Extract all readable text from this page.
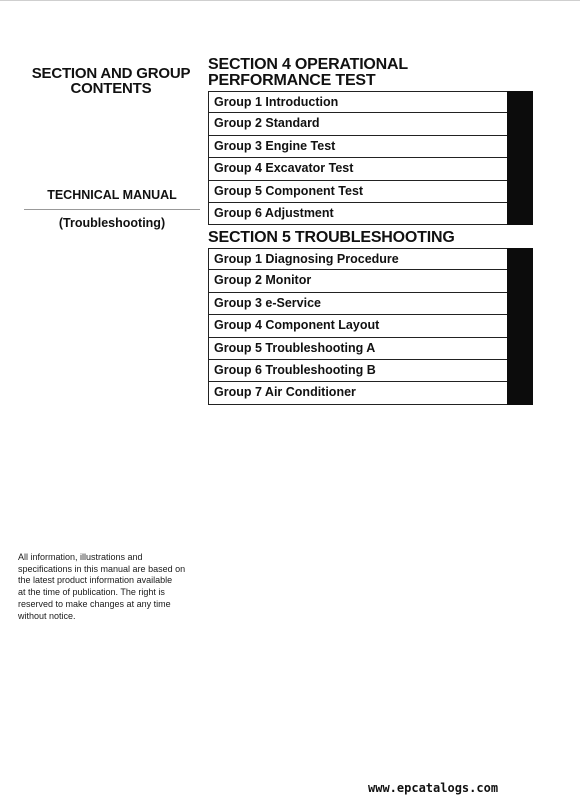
SECTION AND GROUP
CONTENTS
TECHNICAL MANUAL
(Troubleshooting)
SECTION 4 OPERATIONAL
PERFORMANCE TEST
Group 1 Introduction
Group 2 Standard
Group 3 Engine Test
Group 4 Excavator Test
Group 5 Component Test
Group 6 Adjustment
SECTION 5 TROUBLESHOOTING
Group 1 Diagnosing Procedure
Group 2 Monitor
Group 3 e-Service
Group 4 Component Layout
Group 5 Troubleshooting A
Group 6 Troubleshooting B
Group 7 Air Conditioner
All information, illustrations and
specifications in this manual are based on
the latest product information available
at the time of publication. The right is
reserved to make changes at any time
without notice.
www.epcatalogs.com
